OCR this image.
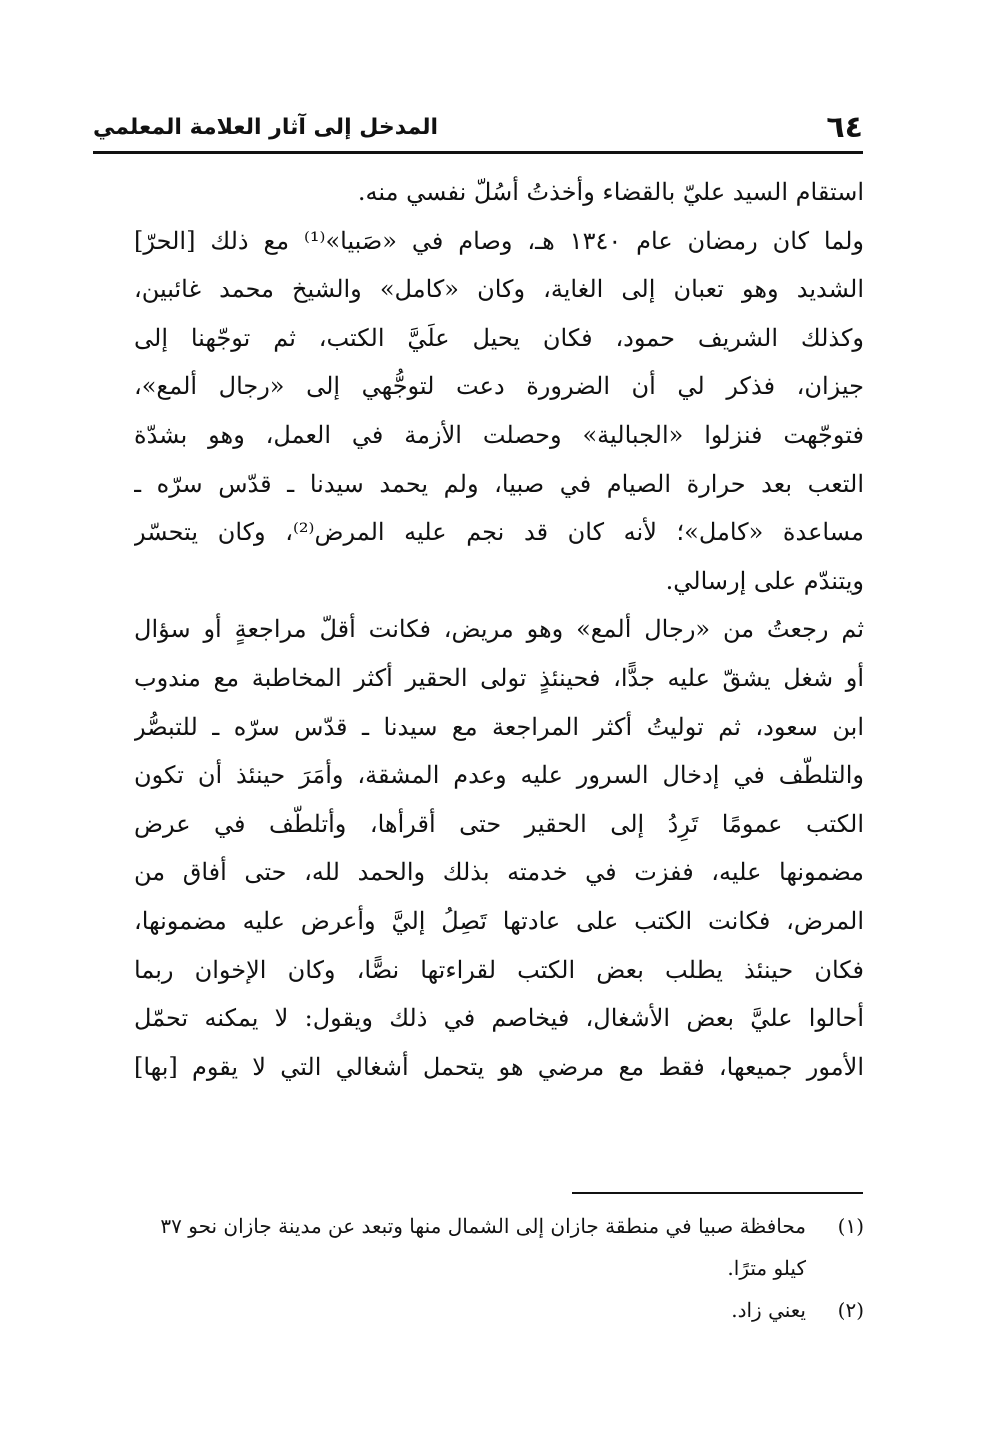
٦٤
المدخل إلى آثار العلامة المعلمي
استقام السيد عليّ بالقضاء وأخذتُ أسُلّ نفسي منه.
ولما كان رمضان عام ١٣٤٠ هـ، وصام في «صَبيا»⁽¹⁾ مع ذلك [الحرّ]
الشديد وهو تعبان إلى الغاية، وكان «كامل» والشيخ محمد غائبين،
وكذلك الشريف حمود، فكان يحيل علَيَّ الكتب، ثم توجّهنا إلى
جيزان، فذكر لي أن الضرورة دعت لتوجُّهي إلى «رجال ألمع»،
فتوجّهت فنزلوا «الجبالية» وحصلت الأزمة في العمل، وهو بشدّة
التعب بعد حرارة الصيام في صبيا، ولم يحمد سيدنا ـ قدّس سرّه ـ
مساعدة «كامل»؛ لأنه كان قد نجم عليه المرض⁽²⁾، وكان يتحسّر
ويتندّم على إرسالي.
ثم رجعتُ من «رجال ألمع» وهو مريض، فكانت أقلّ مراجعةٍ أو سؤال
أو شغل يشقّ عليه جدًّا، فحينئذٍ تولى الحقير أكثر المخاطبة مع مندوب
ابن سعود، ثم توليتُ أكثر المراجعة مع سيدنا ـ قدّس سرّه ـ للتبصُّر
والتلطّف في إدخال السرور عليه وعدم المشقة، وأمَرَ حينئذ أن تكون
الكتب عمومًا تَرِدُ إلى الحقير حتى أقرأها، وأتلطّف في عرض
مضمونها عليه، ففزت في خدمته بذلك والحمد لله، حتى أفاق من
المرض، فكانت الكتب على عادتها تَصِلُ إليَّ وأعرض عليه مضمونها،
فكان حينئذ يطلب بعض الكتب لقراءتها نصًّا، وكان الإخوان ربما
أحالوا عليَّ بعض الأشغال، فيخاصم في ذلك ويقول: لا يمكنه تحمّل
الأمور جميعها، فقط مع مرضي هو يتحمل أشغالي التي لا يقوم [بها]
(١)
محافظة صبيا في منطقة جازان إلى الشمال منها وتبعد عن مدينة جازان نحو ٣٧
كيلو مترًا.
(٢)
يعني زاد.
